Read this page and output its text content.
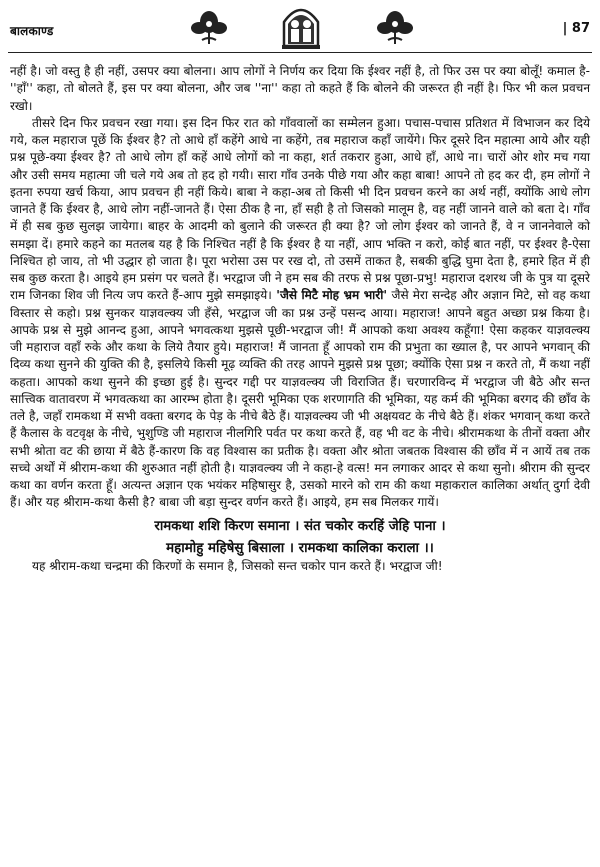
बालकाण्ड	| 87

नहीं है। जो वस्तु है ही नहीं, उसपर क्या बोलना। आप लोगों ने निर्णय कर दिया कि ईश्वर नहीं है, तो फिर उस पर क्या बोलूँ! कमाल है-''हाँ'' कहा, तो बोलते हैं, इस पर क्या बोलना, और जब ''ना'' कहा तो कहते हैं कि बोलने की जरूरत ही नहीं है। फिर भी कल प्रवचन रखो।

तीसरे दिन फिर प्रवचन रखा गया। इस दिन फिर रात को गाँववालों का सम्मेलन हुआ। पचास-पचास प्रतिशत में विभाजन कर दिये गये, कल महाराज पूछें कि ईश्वर है? तो आधे हाँ कहेंगे आधे ना कहेंगे, तब महाराज कहाँ जायेंगे। फिर दूसरे दिन महात्मा आये और यही प्रश्न पूछे-क्या ईश्वर है? तो आधे लोग हाँ कहें आधे लोगों को ना कहा, शर्त तकरार हुआ, आधे हाँ, आधे ना। चारों ओर शोर मच गया और उसी समय महात्मा जी चले गये अब तो हद हो गयी। सारा गाँव उनके पीछे गया और कहा बाबा! आपने तो हद कर दी, हम लोगों ने इतना रुपया खर्च किया, आप प्रवचन ही नहीं किये। बाबा ने कहा-अब तो किसी भी दिन प्रवचन करने का अर्थ नहीं, क्योंकि आधे लोग जानते हैं कि ईश्वर है, आधे लोग नहीं-जानते हैं। ऐसा ठीक है ना, हाँ सही है तो जिसको मालूम है, वह नहीं जानने वाले को बता दे। गाँव में ही सब कुछ सुलझ जायेगा। बाहर के आदमी को बुलाने की जरूरत ही क्या है? जो लोग ईश्वर को जानते हैं, वे न जाननेवाले को समझा दें। हमारे कहने का मतलब यह है कि निश्चित नहीं है कि ईश्वर है या नहीं, आप भक्ति न करो, कोई बात नहीं, पर ईश्वर है-ऐसा निश्चित हो जाय, तो भी उद्धार हो जाता है। पूरा भरोसा उस पर रख दो, तो उसमें ताकत है, सबकी बुद्धि घुमा देता है, हमारे हित में ही सब कुछ करता है। आइये हम प्रसंग पर चलते हैं। भरद्वाज जी ने हम सब की तरफ से प्रश्न पूछा-प्रभु! महाराज दशरथ जी के पुत्र या दूसरे राम जिनका शिव जी नित्य जप करते हैं-आप मुझे समझाइये। 'जैसे मिटै मोह भ्रम भारी' जैसे मेरा सन्देह और अज्ञान मिटे, सो वह कथा विस्तार से कहो। प्रश्न सुनकर याज्ञवल्क्य जी हँसे, भरद्वाज जी का प्रश्न उन्हें पसन्द आया। महाराज! आपने बहुत अच्छा प्रश्न किया है। आपके प्रश्न से मुझे आनन्द हुआ, आपने भगवत्कथा मुझसे पूछी-भरद्वाज जी! मैं आपको कथा अवश्य कहूँगा! ऐसा कहकर याज्ञवल्क्य जी महाराज वहाँ रुके और कथा के लिये तैयार हुये। महाराज! मैं जानता हूँ आपको राम की प्रभुता का ख्याल है, पर आपने भगवान् की दिव्य कथा सुनने की युक्ति की है, इसलिये किसी मूढ़ व्यक्ति की तरह आपने मुझसे प्रश्न पूछा; क्योंकि ऐसा प्रश्न न करते तो, मैं कथा नहीं कहता। आपको कथा सुनने की इच्छा हुई है। सुन्दर गद्दी पर याज्ञवल्क्य जी विराजित हैं। चरणारविन्द में भरद्वाज जी बैठे और सन्त सात्त्विक वातावरण में भगवत्कथा का आरम्भ होता है। दूसरी भूमिका एक शरणागति की भूमिका, यह कर्म की भूमिका बरगद की छाँव के तले है, जहाँ रामकथा में सभी वक्ता बरगद के पेड़ के नीचे बैठे हैं। याज्ञवल्क्य जी भी अक्षयवट के नीचे बैठे हैं। शंकर भगवान् कथा करते हैं कैलास के वटवृक्ष के नीचे, भुशुण्डि जी महाराज नीलगिरि पर्वत पर कथा करते हैं, वह भी वट के नीचे। श्रीरामकथा के तीनों वक्ता और सभी श्रोता वट की छाया में बैठे हैं-कारण कि वह विश्वास का प्रतीक है। वक्ता और श्रोता जबतक विश्वास की छाँव में न आयें तब तक सच्चे अर्थों में श्रीराम-कथा की शुरुआत नहीं होती है। याज्ञवल्क्य जी ने कहा-हे वत्स! मन लगाकर आदर से कथा सुनो। श्रीराम की सुन्दर कथा का वर्णन करता हूँ। अत्यन्त अज्ञान एक भयंकर महिषासुर है, उसको मारने को राम की कथा महाकराल कालिका अर्थात् दुर्गा देवी हैं। और यह श्रीराम-कथा कैसी है? बाबा जी बड़ा सुन्दर वर्णन करते हैं। आइये, हम सब मिलकर गायें।

रामकथा शशि किरण समाना । संत चकोर करहिं जेहि पाना ।
महामोहु महिषेसु बिसाला । रामकथा कालिका कराला ।।

यह श्रीराम-कथा चन्द्रमा की किरणों के समान है, जिसको सन्त चकोर पान करते हैं। भरद्वाज जी!
